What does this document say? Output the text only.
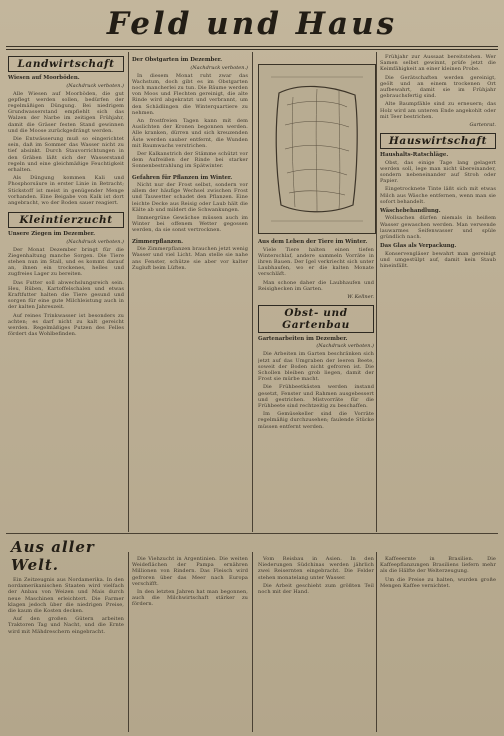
Feld und Haus
Landwirtschaft
Wiesen auf Moorböden.
(Nachdruck verboten.)

Alle Wiesen auf Moorböden, die gut gepflegt werden sollen, bedürfen der regelmäßigen Düngung. Bei niedrigem Grundwasserstand empfiehlt sich das Walzen der Narbe im zeitigen Frühjahr, damit die Gräser festen Stand gewinnen und die Moose zurückgedrängt werden.

Die Entwässerung muß so eingerichtet sein, daß im Sommer das Wasser nicht zu tief absinkt. Durch Stauvorrichtungen in den Gräben läßt sich der Wasserstand regeln und eine gleichmäßige Feuchtigkeit erhalten.

Als Düngung kommen Kali und Phosphorsäure in erster Linie in Betracht; Stickstoff ist meist in genügender Menge vorhanden. Eine Beigabe von Kalk ist dort angebracht, wo der Boden sauer reagiert.

Kleintierzucht
Unsere Ziegen im Dezember.
(Nachdruck verboten.)

Der Monat Dezember bringt für die Ziegenhaltung manche Sorgen. Die Tiere stehen nun im Stall, und es kommt darauf an, ihnen ein trockenes, helles und zugfreies Lager zu bereiten.

Das Futter soll abwechslungsreich sein. Heu, Rüben, Kartoffelschalen und etwas Kraftfutter halten die Tiere gesund und sorgen für eine gute Milchleistung auch in der kalten Jahreszeit.

Auf reines Trinkwasser ist besonders zu achten; es darf nicht zu kalt gereicht werden. Regelmäßiges Putzen des Felles fördert das Wohlbefinden.

Der Obstgarten im Dezember.
(Nachdruck verboten.)

In diesem Monat ruht zwar das Wachstum, doch gibt es im Obstgarten noch mancherlei zu tun. Die Bäume werden von Moos und Flechten gereinigt, die alte Rinde wird abgekratzt und verbrannt, um den Schädlingen die Winterquartiere zu nehmen.

An frostfreien Tagen kann mit dem Auslichten der Kronen begonnen werden. Alle kranken, dürren und sich kreuzenden Äste werden sauber entfernt, die Wunden mit Baumwachs verstrichen.

Der Kalkanstrich der Stämme schützt vor dem Aufreißen der Rinde bei starker Sonnenbestrahlung im Spätwinter.

Gefahren für Pflanzen im Winter.

Nicht nur der Frost selbst, sondern vor allem der häufige Wechsel zwischen Frost und Tauwetter schadet den Pflanzen. Eine leichte Decke aus Reisig oder Laub hält die Kälte ab und mildert die Schwankungen.

Immergrüne Gewächse müssen auch im Winter bei offenem Wetter gegossen werden, da sie sonst vertrocknen.

Zimmerpflanzen.

Die Zimmerpflanzen brauchen jetzt wenig Wasser und viel Licht. Man stelle sie nahe ans Fenster, schütze sie aber vor kalter Zugluft beim Lüften.

Aus dem Leben der Tiere im Winter.

Viele Tiere halten einen tiefen Winterschlaf, andere sammeln Vorräte in ihren Bauen. Der Igel verkriecht sich unter Laubhaufen, wo er die kalten Monate verschläft.

Man schone daher die Laubhaufen und Reisighecken im Garten.

W. Kellner.
Obst- und Gartenbau
Gartenarbeiten im Dezember.
(Nachdruck verboten.)

Die Arbeiten im Garten beschränken sich jetzt auf das Umgraben der leeren Beete, soweit der Boden nicht gefroren ist. Die Schollen bleiben grob liegen, damit der Frost sie mürbe macht.

Die Frühbeetkästen werden instand gesetzt, Fenster und Rahmen ausgebessert und gestrichen. Mistvorräte für die Frühbeete sind rechtzeitig zu beschaffen.

Im Gemüsekeller sind die Vorräte regelmäßig durchzusehen; faulende Stücke müssen entfernt werden.

Frühjahr zur Aussaat bereitstehen. Wer Samen selbst gewinnt, prüfe jetzt die Keimfähigkeit an einer kleinen Probe.

Die Gerätschaften werden gereinigt, geölt und an einem trockenen Ort aufbewahrt, damit sie im Frühjahr gebrauchsfertig sind.

Alte Baumpfähle sind zu erneuern; das Holz wird am unteren Ende angekohlt oder mit Teer bestrichen.

Gartenrat.
Hauswirtschaft
Haushalts-Ratschläge.

Obst, das einige Tage lang gelagert werden soll, lege man nicht übereinander, sondern nebeneinander auf Stroh oder Papier.

Eingetrocknete Tinte läßt sich mit etwas Milch aus Wäsche entfernen, wenn man sie sofort behandelt.

Wäschebehandlung.

Wollsachen dürfen niemals in heißem Wasser gewaschen werden. Man verwende lauwarmes Seifenwasser und spüle gründlich nach.

Das Glas als Verpackung.

Konservengläser bewahrt man gereinigt und umgestülpt auf, damit kein Staub hineinfällt.

Aus aller Welt.

Ein Zeitzeugnis aus Nordamerika. In den nordamerikanischen Staaten wird vielfach der Anbau von Weizen und Mais durch neue Maschinen erleichtert. Die Farmer klagen jedoch über die niedrigen Preise, die kaum die Kosten decken.

Auf den großen Gütern arbeiten Traktoren Tag und Nacht, und die Ernte wird mit Mähdreschern eingebracht.

Die Viehzucht in Argentinien. Die weiten Weideflächen der Pampa ernähren Millionen von Rindern. Das Fleisch wird gefroren über das Meer nach Europa verschifft.

In den letzten Jahren hat man begonnen, auch die Milchwirtschaft stärker zu fördern.

Vom Reisbau in Asien. In den Niederungen Südchinas werden jährlich zwei Reisernten eingebracht. Die Felder stehen monatelang unter Wasser.

Die Arbeit geschieht zum größten Teil noch mit der Hand.

Kaffeeernte in Brasilien. Die Kaffeepflanzungen Brasiliens liefern mehr als die Hälfte der Welterzeugung.

Um die Preise zu halten, wurden große Mengen Kaffee vernichtet.
